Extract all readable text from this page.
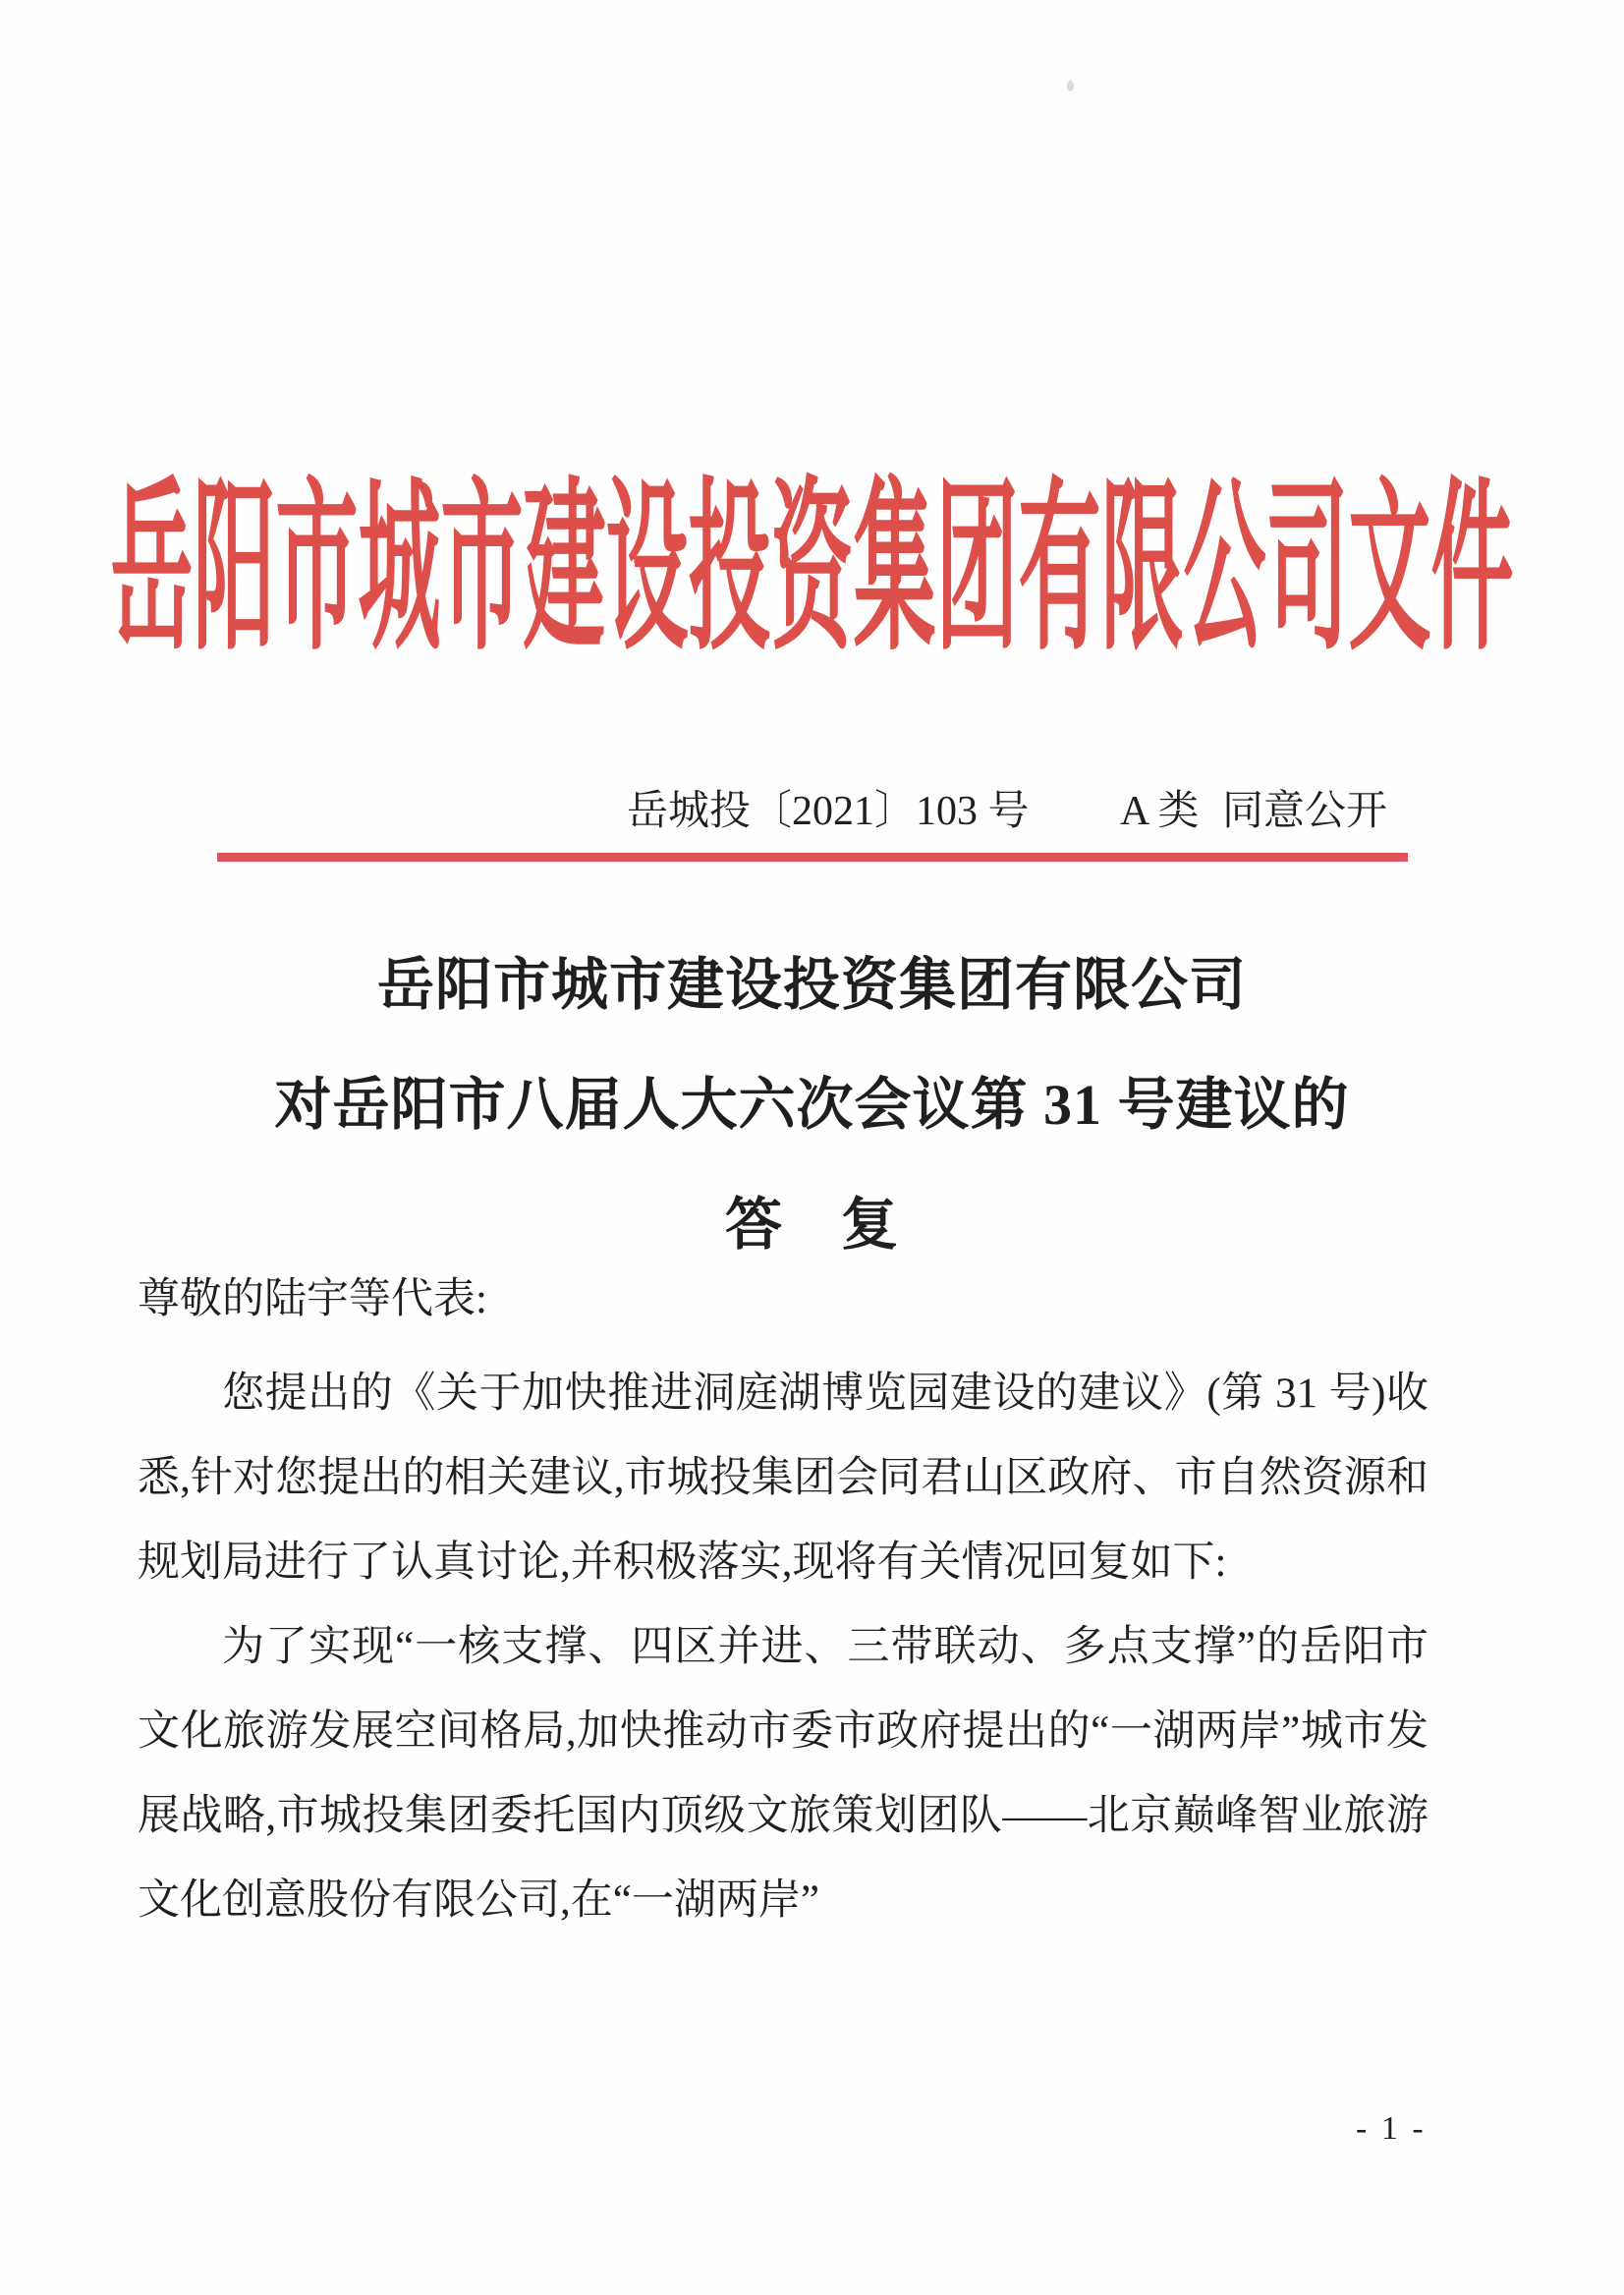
岳阳市城市建设投资集团有限公司文件
岳城投〔2021〕103 号 A 类 同意公开
岳阳市城市建设投资集团有限公司
对岳阳市八届人大六次会议第 31 号建议的
答　复

尊敬的陆宇等代表:

您提出的《关于加快推进洞庭湖博览园建设的建议》(第 31 号)收悉,针对您提出的相关建议,市城投集团会同君山区政府、市自然资源和规划局进行了认真讨论,并积极落实,现将有关情况回复如下:

为了实现“一核支撑、四区并进、三带联动、多点支撑”的岳阳市文化旅游发展空间格局,加快推动市委市政府提出的“一湖两岸”城市发展战略,市城投集团委托国内顶级文旅策划团队——北京巅峰智业旅游文化创意股份有限公司,在“一湖两岸”

- 1 -
